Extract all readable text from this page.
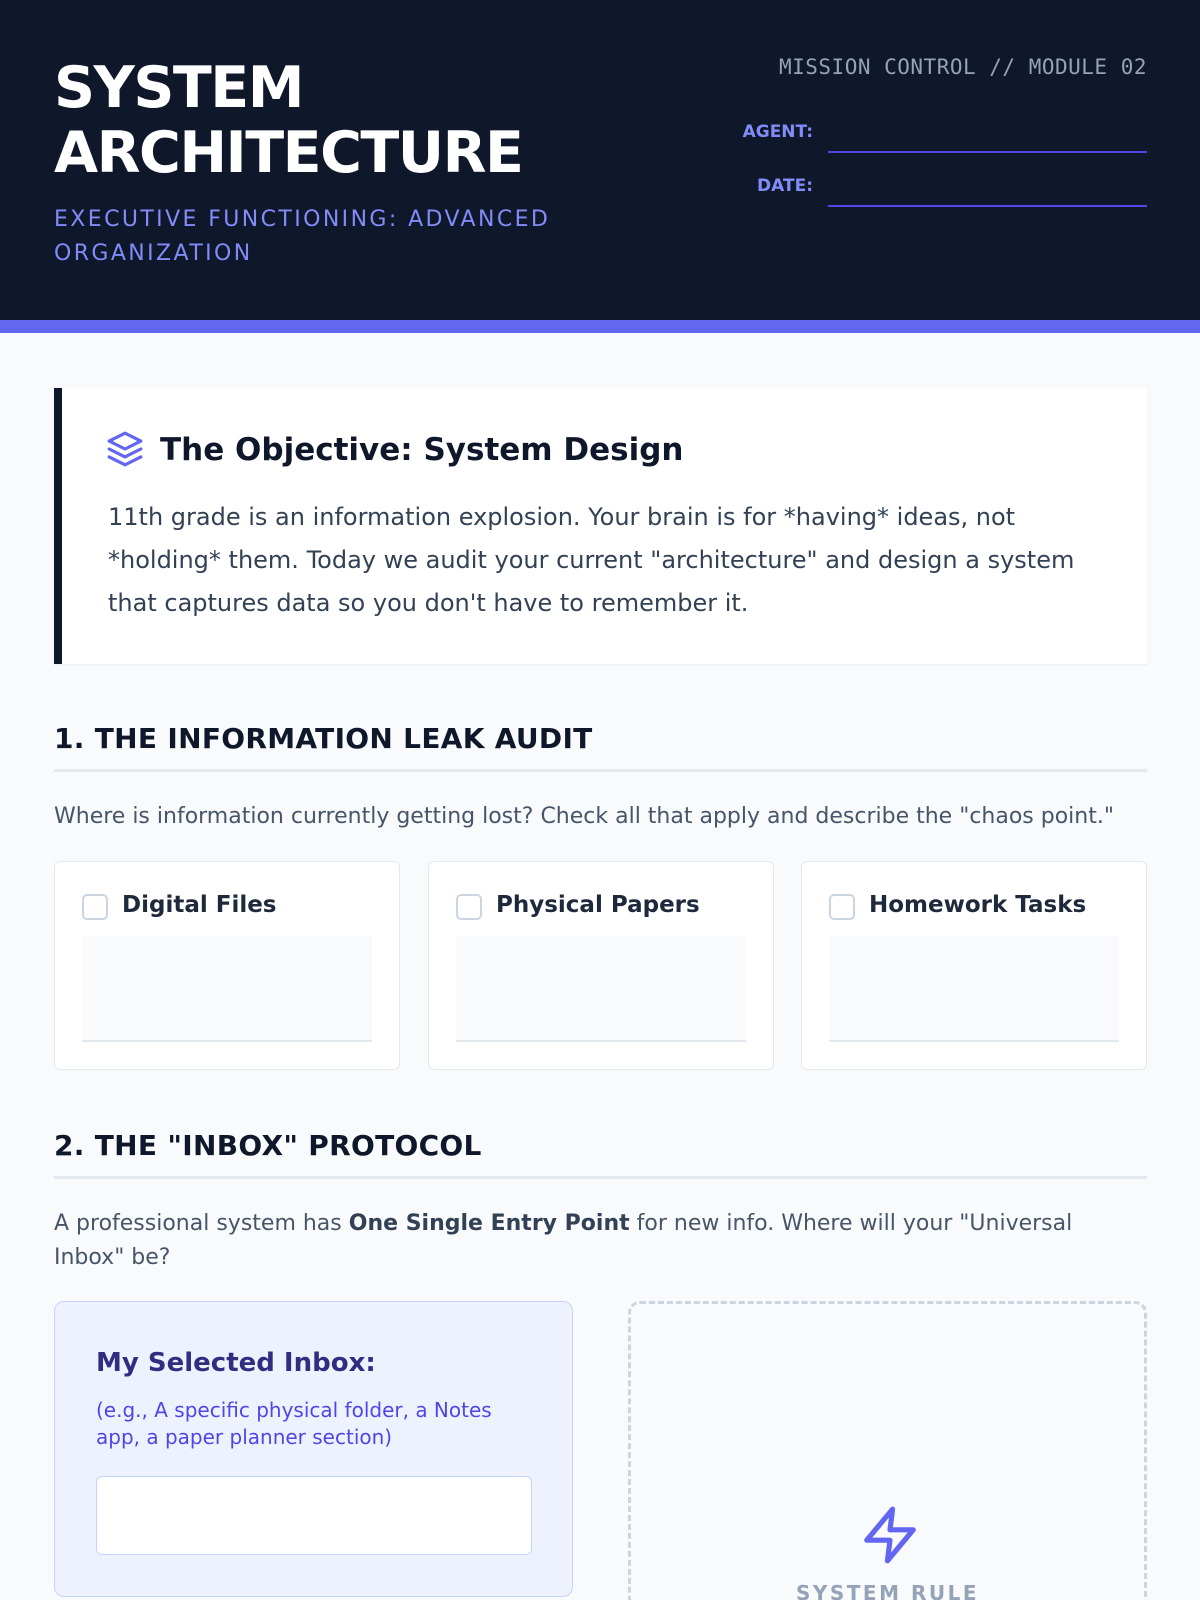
SYSTEM ARCHITECTURE
EXECUTIVE FUNCTIONING: ADVANCED ORGANIZATION
MISSION CONTROL // MODULE 02
AGENT:
DATE:
The Objective: System Design

11th grade is an information explosion. Your brain is for *having* ideas, not *holding* them. Today we audit your current "architecture" and design a system that captures data so you don't have to remember it.

1. THE INFORMATION LEAK AUDIT

Where is information currently getting lost? Check all that apply and describe the "chaos point."

Digital Files	Physical Papers	Homework Tasks
2. THE "INBOX" PROTOCOL

A professional system has One Single Entry Point for new info. Where will your "Universal Inbox" be?

My Selected Inbox:

(e.g., A specific physical folder, a Notes app, a paper planner section)

SYSTEM RULE
